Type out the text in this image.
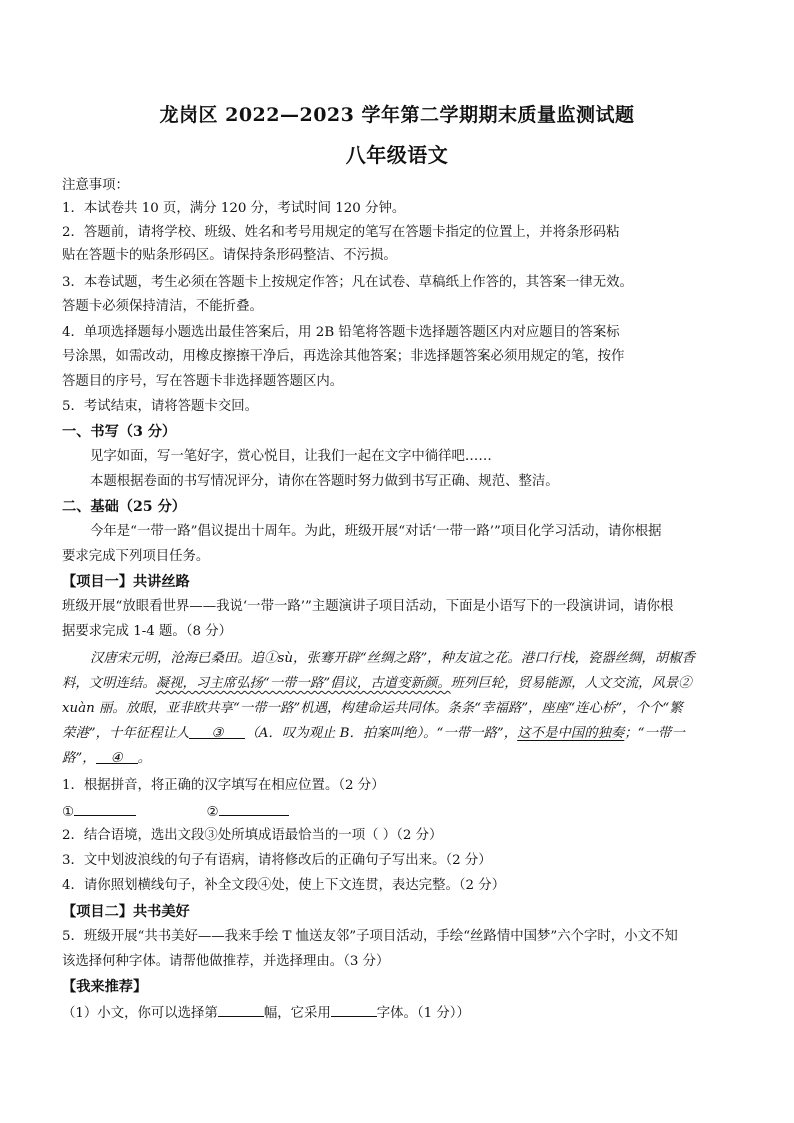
龙岗区 2022—2023 学年第二学期期末质量监测试题
八年级语文
注意事项：
1．本试卷共 10 页，满分 120 分，考试时间 120 分钟。
2．答题前，请将学校、班级、姓名和考号用规定的笔写在答题卡指定的位置上，并将条形码粘
贴在答题卡的贴条形码区。请保持条形码整洁、不污损。
3．本卷试题，考生必须在答题卡上按规定作答；凡在试卷、草稿纸上作答的，其答案一律无效。
答题卡必须保持清洁，不能折叠。
4．单项选择题每小题选出最佳答案后，用 2B 铅笔将答题卡选择题答题区内对应题目的答案标
号涂黑，如需改动，用橡皮擦擦干净后，再选涂其他答案；非选择题答案必须用规定的笔，按作
答题目的序号，写在答题卡非选择题答题区内。
5．考试结束，请将答题卡交回。
一、书写（3 分）
见字如面，写一笔好字，赏心悦目，让我们一起在文字中徜徉吧……
本题根据卷面的书写情况评分，请你在答题时努力做到书写正确、规范、整洁。
二、基础（25 分）
今年是“一带一路”倡议提出十周年。为此，班级开展“对话‘一带一路’”项目化学习活动，请你根据
要求完成下列项目任务。
【项目一】共讲丝路
班级开展“放眼看世界——我说‘一带一路’”主题演讲子项目活动，下面是小语写下的一段演讲词，请你根
据要求完成 1-4 题。（8 分）
汉唐宋元明，沧海已桑田。追①sù，张骞开辟“丝绸之路”，种友谊之花。港口行栈，瓷器丝绸，胡椒香
料，文明连结。凝视，习主席弘扬“一带一路”倡议，古道变新颜。班列巨轮，贸易能源，人文交流，风景②
xuàn 丽。放眼，亚非欧共享“一带一路”机遇，构建命运共同体。条条“幸福路”，座座“连心桥”，个个“繁
荣港”，十年征程让人 ③ （A．叹为观止 B．拍案叫绝）。“一带一路”，这不是中国的独奏；“一带一
路”， ④ 。
1．根据拼音，将正确的汉字填写在相应位置。（2 分）
①	②
2．结合语境，选出文段③处所填成语最恰当的一项（ ）（2 分）
3．文中划波浪线的句子有语病，请将修改后的正确句子写出来。（2 分）
4．请你照划横线句子，补全文段④处，使上下文连贯，表达完整。（2 分）
【项目二】共书美好
5．班级开展“共书美好——我来手绘 T 恤送友邻”子项目活动，手绘“丝路情中国梦”六个字时，小文不知
该选择何种字体。请帮他做推荐，并选择理由。（3 分）
【我来推荐】
（1）小文，你可以选择第	幅，它采用	字体。（1 分））
